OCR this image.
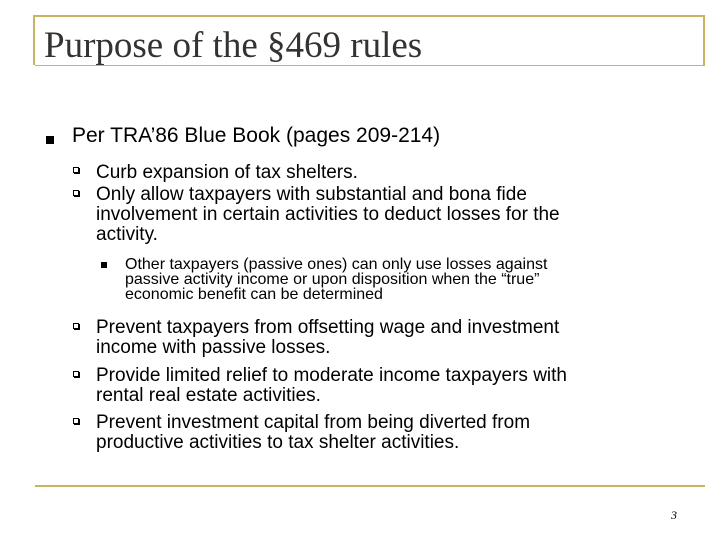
Purpose of the §469 rules
Per TRA’86 Blue Book (pages 209-214)
Curb expansion of tax shelters.
Only allow taxpayers with substantial and bona fide
involvement in certain activities to deduct losses for the
activity.
Other taxpayers (passive ones) can only use losses against
passive activity income or upon disposition when the “true”
economic benefit can be determined
Prevent taxpayers from offsetting wage and investment
income with passive losses.
Provide limited relief to moderate income taxpayers with
rental real estate activities.
Prevent investment capital from being diverted from
productive activities to tax shelter activities.
3
